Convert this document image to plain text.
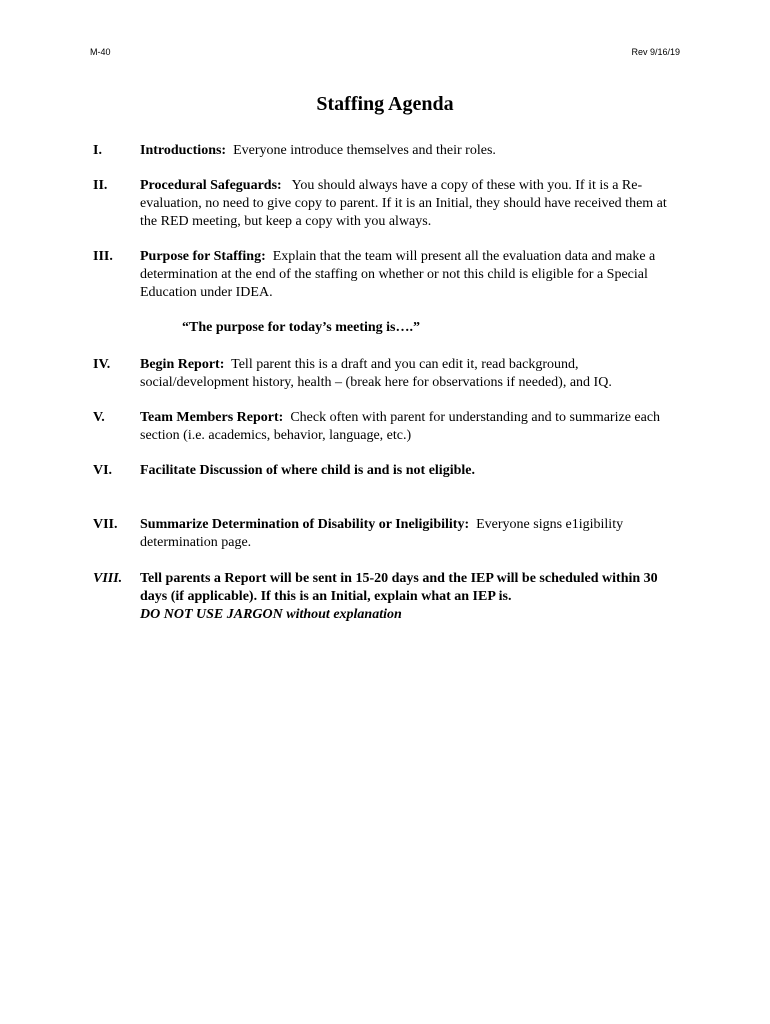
M-40	Rev 9/16/19
Staffing Agenda
I.	Introductions: Everyone introduce themselves and their roles.
II. Procedural Safeguards: You should always have a copy of these with you. If it is a Re-evaluation, no need to give copy to parent. If it is an Initial, they should have received them at the RED meeting, but keep a copy with you always.
III. Purpose for Staffing: Explain that the team will present all the evaluation data and make a determination at the end of the staffing on whether or not this child is eligible for a Special Education under IDEA.
“The purpose for today’s meeting is….”
IV. Begin Report: Tell parent this is a draft and you can edit it, read background, social/development history, health – (break here for observations if needed), and IQ.
V.	Team Members Report: Check often with parent for understanding and to summarize each section (i.e. academics, behavior, language, etc.)
VI. Facilitate Discussion of where child is and is not eligible.
VII. Summarize Determination of Disability or Ineligibility: Everyone signs e1igibility determination page.
VIII. Tell parents a Report will be sent in 15-20 days and the IEP will be scheduled within 30 days (if applicable). If this is an Initial, explain what an IEP is.
DO NOT USE JARGON without explanation
